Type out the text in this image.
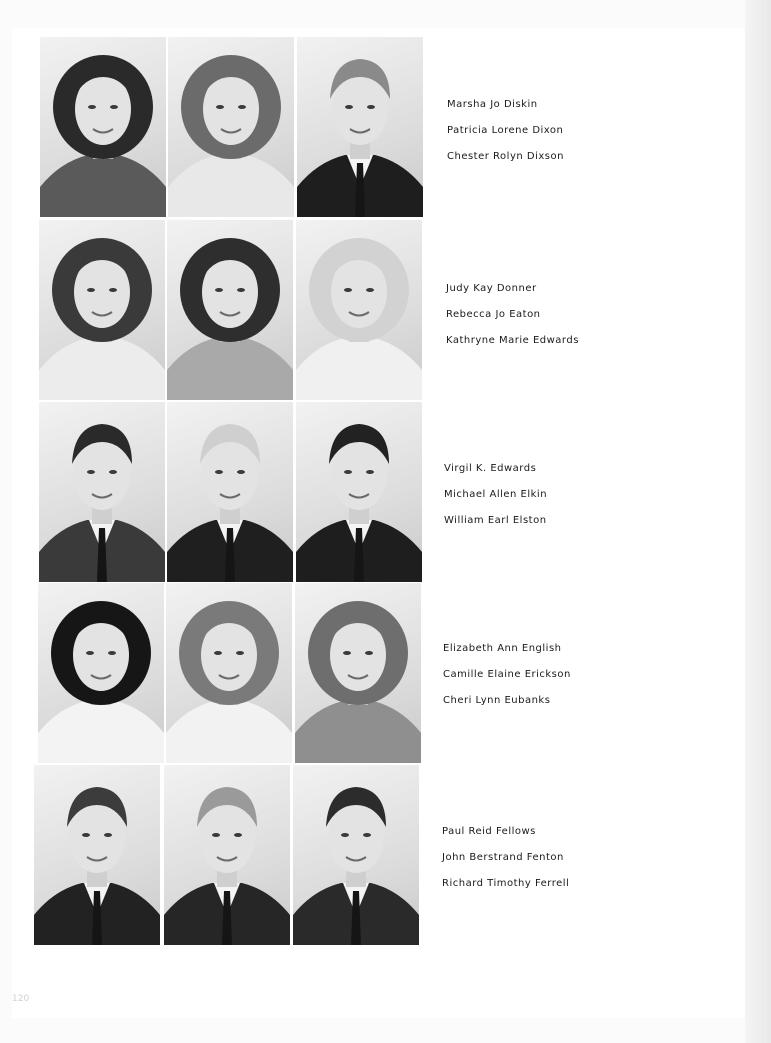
Marsha Jo Diskin
Patricia Lorene Dixon
Chester Rolyn Dixson
Judy Kay Donner
Rebecca Jo Eaton
Kathryne Marie Edwards
Virgil K. Edwards
Michael Allen Elkin
William Earl Elston
Elizabeth Ann English
Camille Elaine Erickson
Cheri Lynn Eubanks
Paul Reid Fellows
John Berstrand Fenton
Richard Timothy Ferrell
120
